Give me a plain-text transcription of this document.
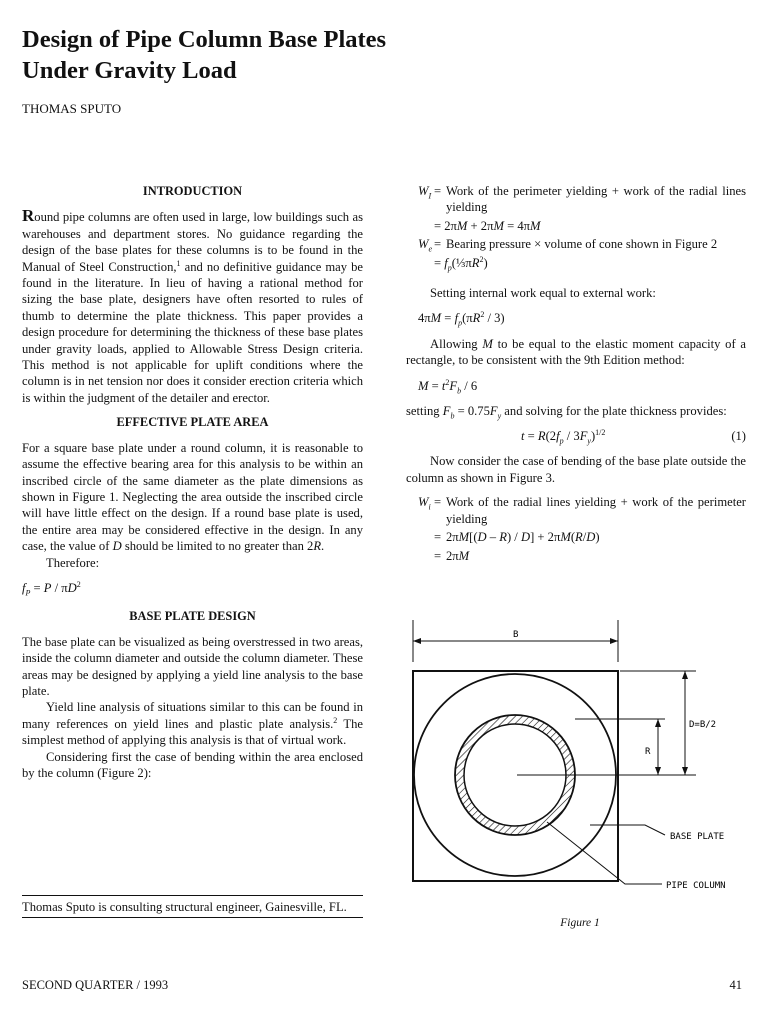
Design of Pipe Column Base Plates
Under Gravity Load
THOMAS SPUTO
INTRODUCTION

Round pipe columns are often used in large, low buildings such as warehouses and department stores. No guidance regarding the design of the base plates for these columns is to be found in the Manual of Steel Construction,$^1$ and no definitive guidance may be found in the literature. In lieu of having a rational method for sizing the base plate, designers have often resorted to rules of thumb to determine the plate thickness. This paper provides a design procedure for determining the thickness of these base plates under gravity loads, applied to Allowable Stress Design criteria. This method is not applicable for uplift conditions where the column is in net tension nor does it consider erection criteria which is within the judgment of the detailer and erector.

EFFECTIVE PLATE AREA

For a square base plate under a round column, it is reasonable to assume the effective bearing area for this analysis to be within an inscribed circle of the same diameter as the plate dimensions as shown in Figure 1. Neglecting the area outside the inscribed circle will have little effect on the design. If a round base plate is used, the entire area may be considered effective in the design. In any case, the value of D should be limited to no greater than 2R.

Therefore:

$f_P = P / \pi D^2$

BASE PLATE DESIGN

The base plate can be visualized as being overstressed in two areas, inside the column diameter and outside the column diameter. These areas may be designed by applying a yield line analysis to the base plate.

Yield line analysis of situations similar to this can be found in many references on yield lines and plastic plate analysis.$^2$ The simplest method of applying this analysis is that of virtual work.

Considering first the case of bending within the area enclosed by the column (Figure 2):

Thomas Sputo is consulting structural engineer, Gainesville, FL.
$W_I$ = Work of the perimeter yielding + work of the radial lines yielding
= 2πM + 2πM = 4πM
$W_e$ = Bearing pressure × volume of cone shown in Figure 2
= $f_p(\frac{1}{3}\pi R^2)$

Setting internal work equal to external work:

$4\pi M = f_p(\pi R^2 / 3)$

Allowing M to be equal to the elastic moment capacity of a rectangle, to be consistent with the 9th Edition method:

$M = t^2F_b / 6$

setting $F_b = 0.75F_y$ and solving for the plate thickness provides:

$t = R(2f_p / 3F_y)^{1/2}$	(1)

Now consider the case of bending of the base plate outside the column as shown in Figure 3.

$W_i$ = Work of the radial lines yielding + work of the perimeter yielding
= 2πM[(D – R) / D] + 2πM(R/D)
= 2πM
B
D=B/2
R
BASE PLATE
PIPE COLUMN
Figure 1
SECOND QUARTER / 1993	41
